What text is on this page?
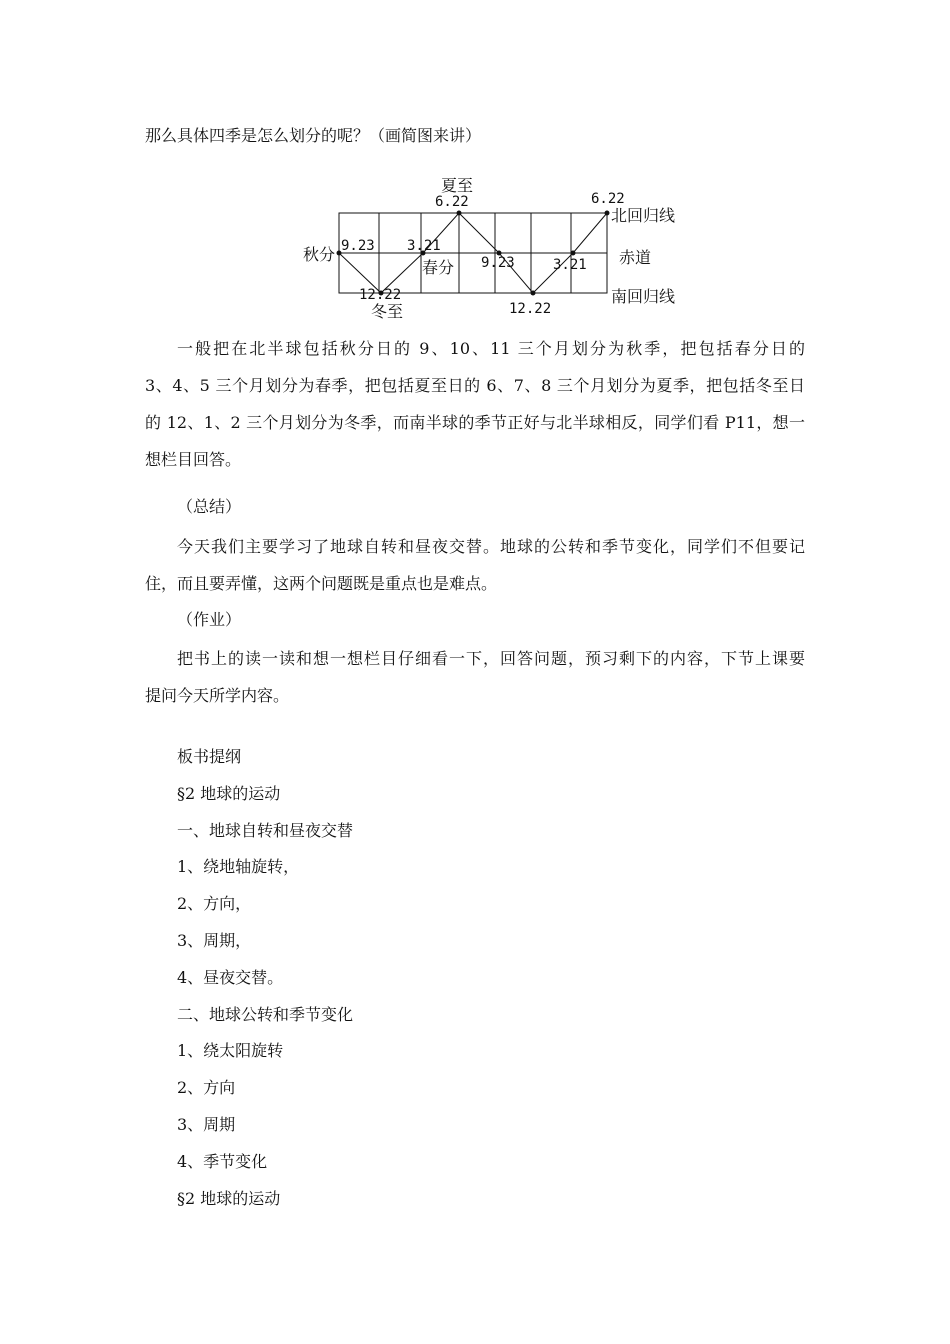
那么具体四季是怎么划分的呢？（画简图来讲）
夏至
6.22	6.22
北回归线
秋分 9.23 3.21
春分 9.23	3.21 赤道
12.22
冬至	12.22
南回归线
一般把在北半球包括秋分日的 9、10、11 三个月划分为秋季，把包括春分日的
3、4、5 三个月划分为春季，把包括夏至日的 6、7、8 三个月划分为夏季，把包括冬至日
的 12、1、2 三个月划分为冬季，而南半球的季节正好与北半球相反，同学们看 P11，想一
想栏目回答。
（总结）
今天我们主要学习了地球自转和昼夜交替。地球的公转和季节变化，同学们不但要记
住，而且要弄懂，这两个问题既是重点也是难点。
（作业）
把书上的读一读和想一想栏目仔细看一下，回答问题，预习剩下的内容，下节上课要
提问今天所学内容。
板书提纲
§2 地球的运动
一、地球自转和昼夜交替
1、绕地轴旋转，
2、方向，
3、周期，
4、昼夜交替。
二、地球公转和季节变化
1、绕太阳旋转
2、方向
3、周期
4、季节变化
§2 地球的运动
